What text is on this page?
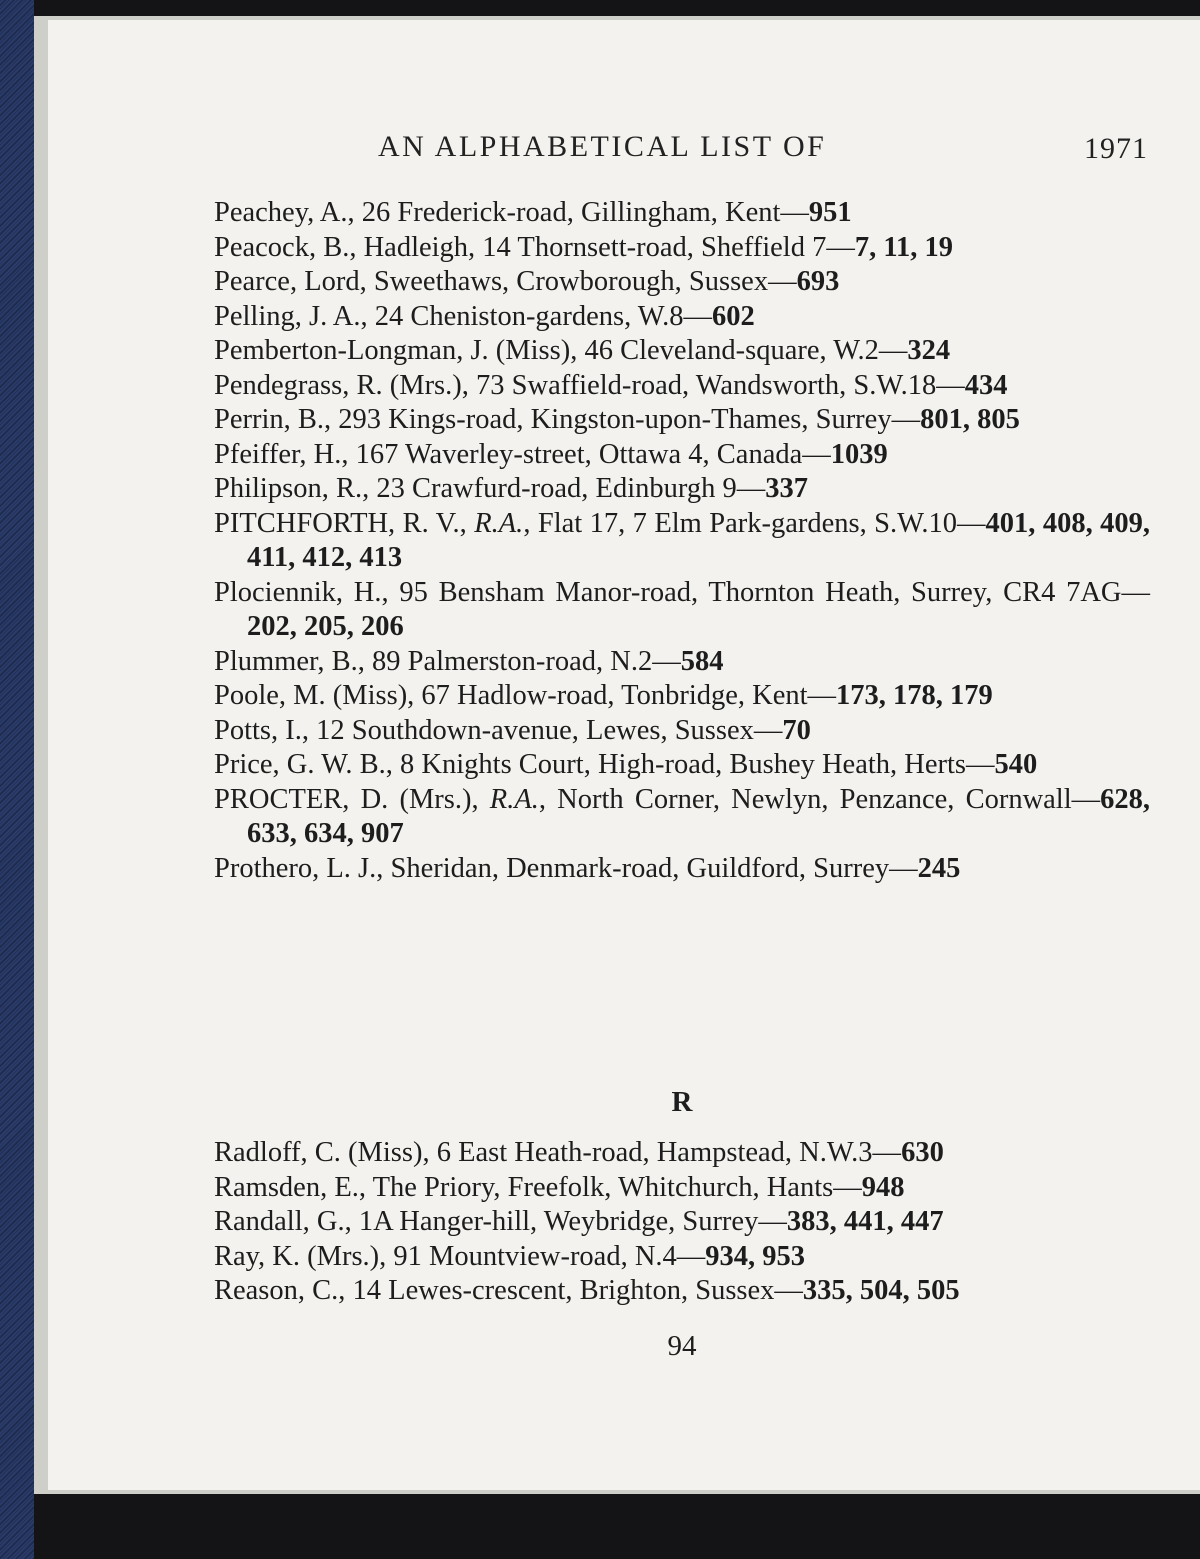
AN ALPHABETICAL LIST OF	1971

Peachey, A., 26 Frederick-road, Gillingham, Kent—951

Peacock, B., Hadleigh, 14 Thornsett-road, Sheffield 7—7, 11, 19

Pearce, Lord, Sweethaws, Crowborough, Sussex—693

Pelling, J. A., 24 Cheniston-gardens, W.8—602

Pemberton-Longman, J. (Miss), 46 Cleveland-square, W.2—324

Pendegrass, R. (Mrs.), 73 Swaffield-road, Wandsworth, S.W.18—434

Perrin, B., 293 Kings-road, Kingston-upon-Thames, Surrey—801, 805

Pfeiffer, H., 167 Waverley-street, Ottawa 4, Canada—1039

Philipson, R., 23 Crawfurd-road, Edinburgh 9—337

PITCHFORTH, R. V., R.A., Flat 17, 7 Elm Park-gardens, S.W.10—401, 408, 409, 411, 412, 413

Plociennik, H., 95 Bensham Manor-road, Thornton Heath, Surrey, CR4 7AG—202, 205, 206

Plummer, B., 89 Palmerston-road, N.2—584

Poole, M. (Miss), 67 Hadlow-road, Tonbridge, Kent—173, 178, 179

Potts, I., 12 Southdown-avenue, Lewes, Sussex—70

Price, G. W. B., 8 Knights Court, High-road, Bushey Heath, Herts—540

PROCTER, D. (Mrs.), R.A., North Corner, Newlyn, Penzance, Cornwall—628, 633, 634, 907

Prothero, L. J., Sheridan, Denmark-road, Guildford, Surrey—245

R

Radloff, C. (Miss), 6 East Heath-road, Hampstead, N.W.3—630

Ramsden, E., The Priory, Freefolk, Whitchurch, Hants—948

Randall, G., 1A Hanger-hill, Weybridge, Surrey—383, 441, 447

Ray, K. (Mrs.), 91 Mountview-road, N.4—934, 953

Reason, C., 14 Lewes-crescent, Brighton, Sussex—335, 504, 505

94
